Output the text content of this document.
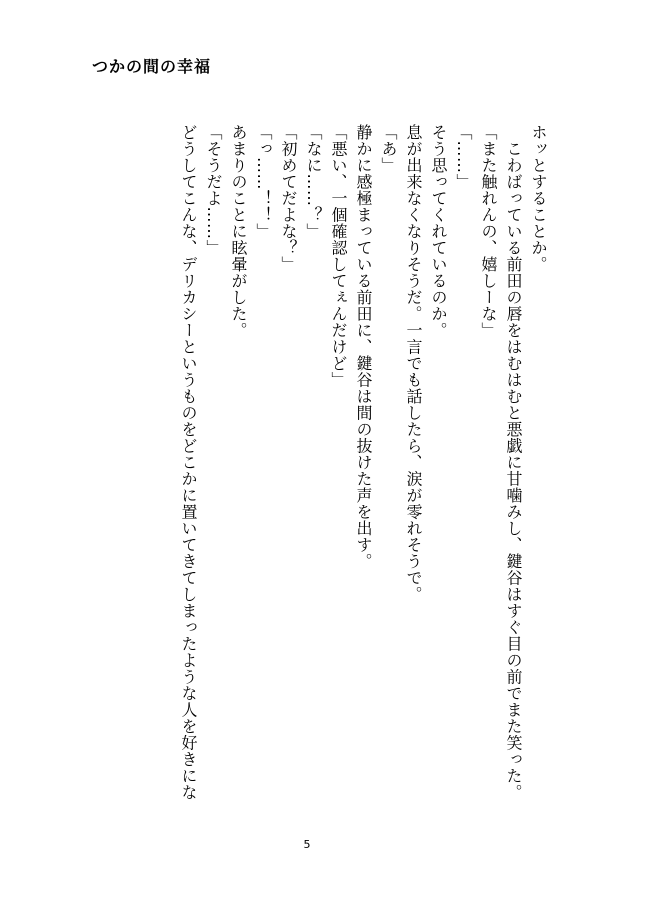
つかの間の幸福
ホッとすることか。
　こわばっている前田の唇をはむはむと悪戯に甘噛みし、鍵谷はすぐ目の前でまた笑った。
「また触れんの、嬉しーな」
「……」
そう思ってくれているのか。
息が出来なくなりそうだ。一言でも話したら、涙が零れそうで。
「あ」
静かに感極まっている前田に、鍵谷は間の抜けた声を出す。
「悪い、一個確認してぇんだけど」
「なに……？」
「初めてだよな？」
「っ……！！」
あまりのことに眩暈がした。
「そうだよ……」
どうしてこんな、デリカシーというものをどこかに置いてきてしまったような人を好きにな
5
